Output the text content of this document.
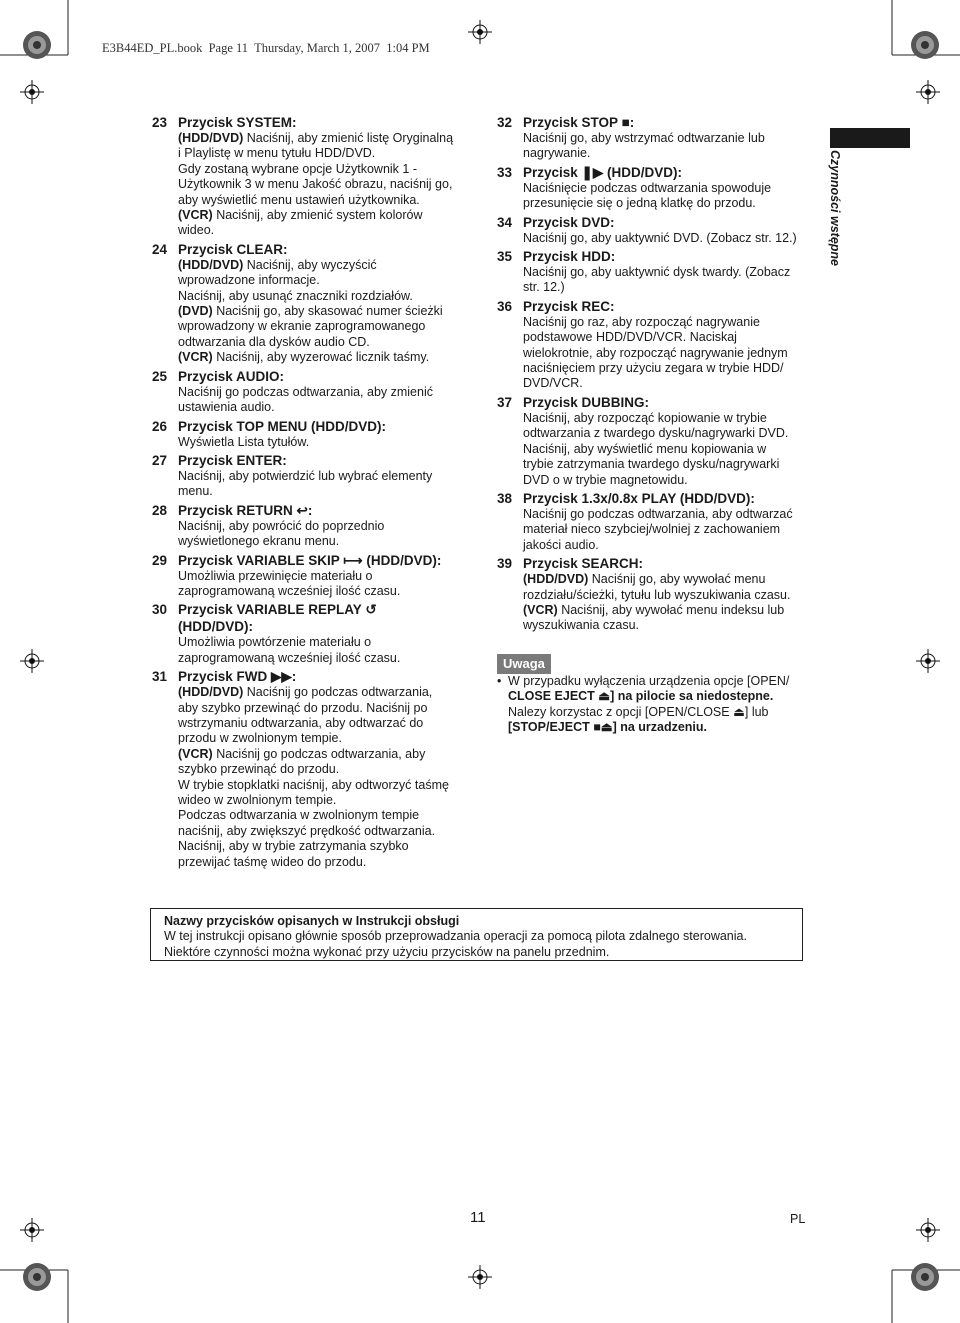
E3B44ED_PL.book  Page 11  Thursday, March 1, 2007  1:04 PM
Czynności wstępne
23 Przycisk SYSTEM:
(HDD/DVD) Naciśnij, aby zmienić listę Oryginalną
i Playlistę w menu tytułu HDD/DVD.
Gdy zostaną wybrane opcje Użytkownik 1 -
Użytkownik 3 w menu Jakość obrazu, naciśnij go,
aby wyświetlić menu ustawień użytkownika.
(VCR) Naciśnij, aby zmienić system kolorów
wideo.
24 Przycisk CLEAR:
(HDD/DVD) Naciśnij, aby wyczyścić
wprowadzone informacje.
Naciśnij, aby usunąć znaczniki rozdziałów.
(DVD) Naciśnij go, aby skasować numer ścieżki
wprowadzony w ekranie zaprogramowanego
odtwarzania dla dysków audio CD.
(VCR) Naciśnij, aby wyzerować licznik taśmy.
25 Przycisk AUDIO:
Naciśnij go podczas odtwarzania, aby zmienić
ustawienia audio.
26 Przycisk TOP MENU (HDD/DVD):
Wyświetla Lista tytułów.
27 Przycisk ENTER:
Naciśnij, aby potwierdzić lub wybrać elementy
menu.
28 Przycisk RETURN ↩:
Naciśnij, aby powrócić do poprzednio
wyświetlonego ekranu menu.
29 Przycisk VARIABLE SKIP ⟼ (HDD/DVD):
Umożliwia przewinięcie materiału o
zaprogramowaną wcześniej ilość czasu.
30 Przycisk VARIABLE REPLAY ↺
(HDD/DVD):
Umożliwia powtórzenie materiału o
zaprogramowaną wcześniej ilość czasu.
31 Przycisk FWD ▶▶:
(HDD/DVD) Naciśnij go podczas odtwarzania,
aby szybko przewinąć do przodu. Naciśnij po
wstrzymaniu odtwarzania, aby odtwarzać do
przodu w zwolnionym tempie.
(VCR) Naciśnij go podczas odtwarzania, aby
szybko przewinąć do przodu.
W trybie stopklatki naciśnij, aby odtworzyć taśmę
wideo w zwolnionym tempie.
Podczas odtwarzania w zwolnionym tempie
naciśnij, aby zwiększyć prędkość odtwarzania.
Naciśnij, aby w trybie zatrzymania szybko
przewijać taśmę wideo do przodu.
32 Przycisk STOP ■:
Naciśnij go, aby wstrzymać odtwarzanie lub
nagrywanie.
33 Przycisk ❚▶ (HDD/DVD):
Naciśnięcie podczas odtwarzania spowoduje
przesunięcie się o jedną klatkę do przodu.
34 Przycisk DVD:
Naciśnij go, aby uaktywnić DVD. (Zobacz str. 12.)
35 Przycisk HDD:
Naciśnij go, aby uaktywnić dysk twardy. (Zobacz
str. 12.)
36 Przycisk REC:
Naciśnij go raz, aby rozpocząć nagrywanie
podstawowe HDD/DVD/VCR. Naciskaj
wielokrotnie, aby rozpocząć nagrywanie jednym
naciśnięciem przy użyciu zegara w trybie HDD/
DVD/VCR.
37 Przycisk DUBBING:
Naciśnij, aby rozpocząć kopiowanie w trybie
odtwarzania z twardego dysku/nagrywarki DVD.
Naciśnij, aby wyświetlić menu kopiowania w
trybie zatrzymania twardego dysku/nagrywarki
DVD o w trybie magnetowidu.
38 Przycisk 1.3x/0.8x PLAY (HDD/DVD):
Naciśnij go podczas odtwarzania, aby odtwarzać
materiał nieco szybciej/wolniej z zachowaniem
jakości audio.
39 Przycisk SEARCH:
(HDD/DVD) Naciśnij go, aby wywołać menu
rozdziału/ścieżki, tytułu lub wyszukiwania czasu.
(VCR) Naciśnij, aby wywołać menu indeksu lub
wyszukiwania czasu.
Uwaga
• W przypadku wyłączenia urządzenia opcje [OPEN/
CLOSE EJECT ⏏] na pilocie sa niedostepne.
Nalezy korzystac z opcji [OPEN/CLOSE ⏏] lub
[STOP/EJECT ■⏏] na urzadzeniu.
Nazwy przycisków opisanych w Instrukcji obsługi
W tej instrukcji opisano głównie sposób przeprowadzania operacji za pomocą pilota zdalnego sterowania.
Niektóre czynności można wykonać przy użyciu przycisków na panelu przednim.
11	PL
